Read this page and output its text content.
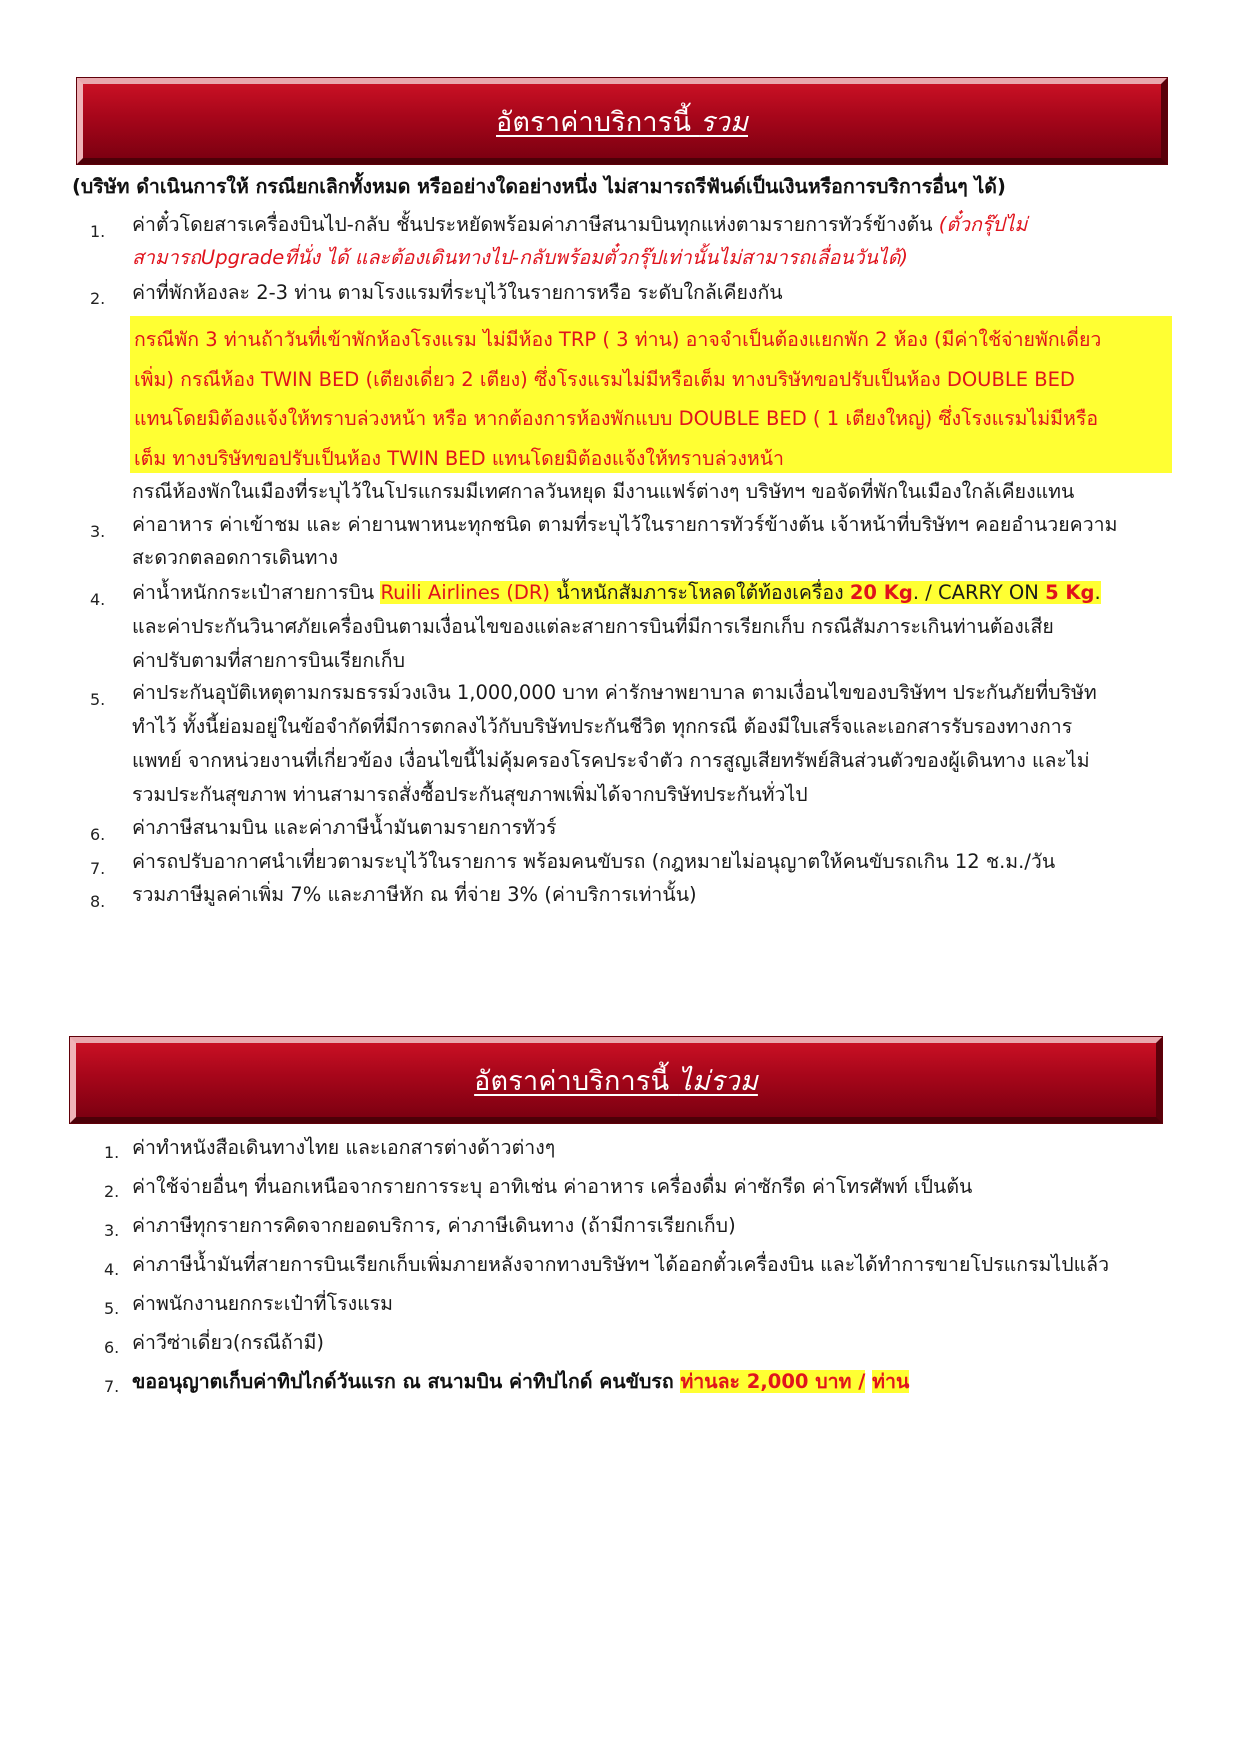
อัตราค่าบริการนี้ รวม
(บริษัท ดำเนินการให้ กรณียกเลิกทั้งหมด หรืออย่างใดอย่างหนึ่ง ไม่สามารถรีฟันด์เป็นเงินหรือการบริการอื่นๆ ได้)
1.	ค่าตั๋วโดยสารเครื่องบินไป-กลับ ชั้นประหยัดพร้อมค่าภาษีสนามบินทุกแห่งตามรายการทัวร์ข้างต้น (ตั๋วกรุ๊ปไม่
สามารถUpgradeที่นั่ง ได้ และต้องเดินทางไป-กลับพร้อมตั๋วกรุ๊ปเท่านั้นไม่สามารถเลื่อนวันได้)
2.	ค่าที่พักห้องละ 2-3 ท่าน ตามโรงแรมที่ระบุไว้ในรายการหรือ ระดับใกล้เคียงกัน
กรณีพัก 3 ท่านถ้าวันที่เข้าพักห้องโรงแรม ไม่มีห้อง TRP ( 3 ท่าน) อาจจำเป็นต้องแยกพัก 2 ห้อง (มีค่าใช้จ่ายพักเดี่ยว
เพิ่ม) กรณีห้อง TWIN BED (เตียงเดี่ยว 2 เตียง) ซึ่งโรงแรมไม่มีหรือเต็ม ทางบริษัทขอปรับเป็นห้อง DOUBLE BED
แทนโดยมิต้องแจ้งให้ทราบล่วงหน้า หรือ หากต้องการห้องพักแบบ DOUBLE BED ( 1 เตียงใหญ่) ซึ่งโรงแรมไม่มีหรือ
เต็ม ทางบริษัทขอปรับเป็นห้อง TWIN BED แทนโดยมิต้องแจ้งให้ทราบล่วงหน้า
กรณีห้องพักในเมืองที่ระบุไว้ในโปรแกรมมีเทศกาลวันหยุด มีงานแฟร์ต่างๆ บริษัทฯ ขอจัดที่พักในเมืองใกล้เคียงแทน
3.	ค่าอาหาร ค่าเข้าชม และ ค่ายานพาหนะทุกชนิด ตามที่ระบุไว้ในรายการทัวร์ข้างต้น เจ้าหน้าที่บริษัทฯ คอยอำนวยความ
สะดวกตลอดการเดินทาง
4.	ค่าน้ำหนักกระเป๋าสายการบิน Ruili Airlines (DR) น้ำหนักสัมภาระโหลดใต้ท้องเครื่อง 20 Kg. / CARRY ON 5 Kg.
และค่าประกันวินาศภัยเครื่องบินตามเงื่อนไขของแต่ละสายการบินที่มีการเรียกเก็บ กรณีสัมภาระเกินท่านต้องเสีย
ค่าปรับตามที่สายการบินเรียกเก็บ
5.	ค่าประกันอุบัติเหตุตามกรมธรรม์วงเงิน 1,000,000 บาท ค่ารักษาพยาบาล ตามเงื่อนไขของบริษัทฯ ประกันภัยที่บริษัท
ทำไว้ ทั้งนี้ย่อมอยู่ในข้อจำกัดที่มีการตกลงไว้กับบริษัทประกันชีวิต ทุกกรณี ต้องมีใบเสร็จและเอกสารรับรองทางการ
แพทย์ จากหน่วยงานที่เกี่ยวข้อง เงื่อนไขนี้ไม่คุ้มครองโรคประจำตัว การสูญเสียทรัพย์สินส่วนตัวของผู้เดินทาง และไม่
รวมประกันสุขภาพ ท่านสามารถสั่งซื้อประกันสุขภาพเพิ่มได้จากบริษัทประกันทั่วไป
6.	ค่าภาษีสนามบิน และค่าภาษีน้ำมันตามรายการทัวร์
7.	ค่ารถปรับอากาศนำเที่ยวตามระบุไว้ในรายการ พร้อมคนขับรถ (กฎหมายไม่อนุญาตให้คนขับรถเกิน 12 ช.ม./วัน
8.	รวมภาษีมูลค่าเพิ่ม 7% และภาษีหัก ณ ที่จ่าย 3% (ค่าบริการเท่านั้น)
อัตราค่าบริการนี้ ไม่รวม
1. ค่าทำหนังสือเดินทางไทย และเอกสารต่างด้าวต่างๆ
2. ค่าใช้จ่ายอื่นๆ ที่นอกเหนือจากรายการระบุ อาทิเช่น ค่าอาหาร เครื่องดื่ม ค่าซักรีด ค่าโทรศัพท์ เป็นต้น
3. ค่าภาษีทุกรายการคิดจากยอดบริการ, ค่าภาษีเดินทาง (ถ้ามีการเรียกเก็บ)
4. ค่าภาษีน้ำมันที่สายการบินเรียกเก็บเพิ่มภายหลังจากทางบริษัทฯ ได้ออกตั๋วเครื่องบิน และได้ทำการขายโปรแกรมไปแล้ว
5. ค่าพนักงานยกกระเป๋าที่โรงแรม
6. ค่าวีซ่าเดี่ยว(กรณีถ้ามี)
7. ขออนุญาตเก็บค่าทิปไกด์วันแรก ณ สนามบิน ค่าทิปไกด์ คนขับรถ ท่านละ 2,000 บาท / ท่าน
